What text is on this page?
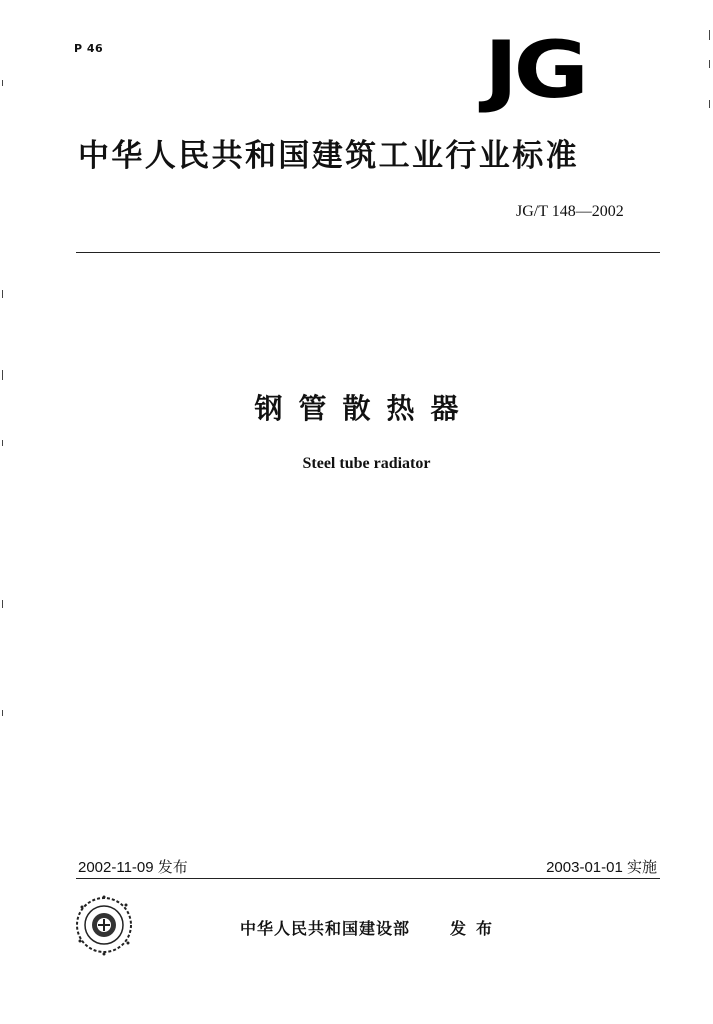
P 46	JG
中华人民共和国建筑工业行业标准
JG/T 148—2002
钢管散热器
Steel tube radiator
2002-11-09 发布	2003-01-01 实施
中华人民共和国建设部 发布
